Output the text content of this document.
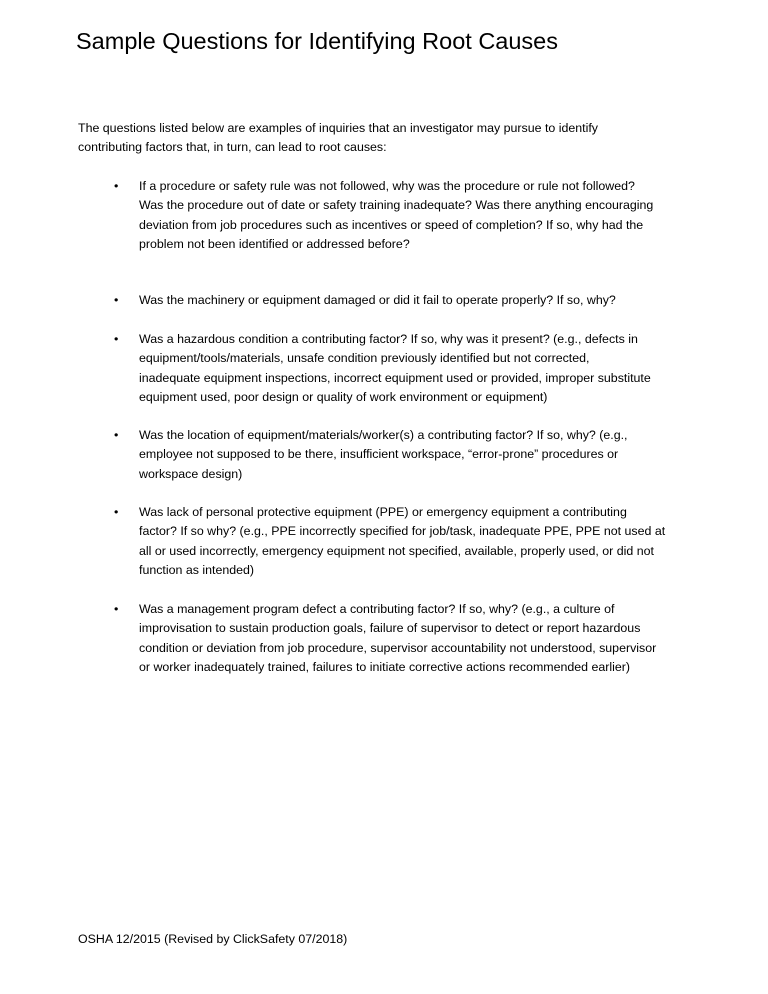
Sample Questions for Identifying Root Causes
The questions listed below are examples of inquiries that an investigator may pursue to identify
contributing factors that, in turn, can lead to root causes:
• If a procedure or safety rule was not followed, why was the procedure or rule not followed?
Was the procedure out of date or safety training inadequate? Was there anything encouraging
deviation from job procedures such as incentives or speed of completion? If so, why had the
problem not been identified or addressed before?
• Was the machinery or equipment damaged or did it fail to operate properly? If so, why?
• Was a hazardous condition a contributing factor? If so, why was it present? (e.g., defects in
equipment/tools/materials, unsafe condition previously identified but not corrected,
inadequate equipment inspections, incorrect equipment used or provided, improper substitute
equipment used, poor design or quality of work environment or equipment)
• Was the location of equipment/materials/worker(s) a contributing factor? If so, why? (e.g.,
employee not supposed to be there, insufficient workspace, “error-prone” procedures or
workspace design)
• Was lack of personal protective equipment (PPE) or emergency equipment a contributing
factor? If so why? (e.g., PPE incorrectly specified for job/task, inadequate PPE, PPE not used at
all or used incorrectly, emergency equipment not specified, available, properly used, or did not
function as intended)
• Was a management program defect a contributing factor? If so, why? (e.g., a culture of
improvisation to sustain production goals, failure of supervisor to detect or report hazardous
condition or deviation from job procedure, supervisor accountability not understood, supervisor
or worker inadequately trained, failures to initiate corrective actions recommended earlier)
OSHA 12/2015 (Revised by ClickSafety 07/2018)
